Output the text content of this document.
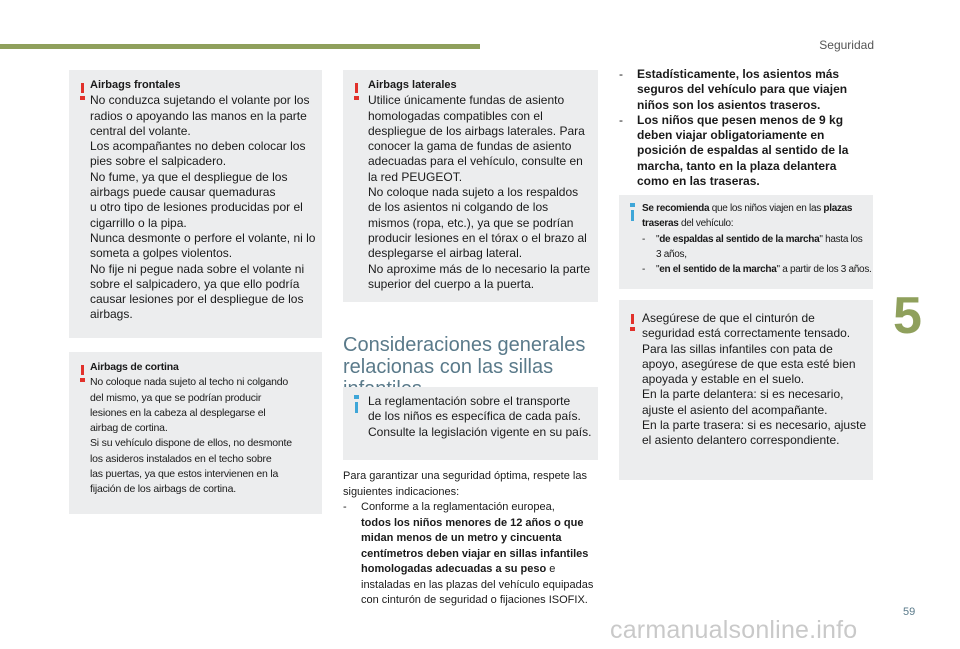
Seguridad
5
59
carmanualsonline.info
Airbags frontales
No conduzca sujetando el volante por los
radios o apoyando las manos en la parte
central del volante.
Los acompañantes no deben colocar los
pies sobre el salpicadero.
No fume, ya que el despliegue de los
airbags puede causar quemaduras
u otro tipo de lesiones producidas por el
cigarrillo o la pipa.
Nunca desmonte o perfore el volante, ni lo
someta a golpes violentos.
No fije ni pegue nada sobre el volante ni
sobre el salpicadero, ya que ello podría
causar lesiones por el despliegue de los
airbags.
Airbags de cortina
No coloque nada sujeto al techo ni colgando
del mismo, ya que se podrían producir
lesiones en la cabeza al desplegarse el
airbag de cortina.
Si su vehículo dispone de ellos, no desmonte
los asideros instalados en el techo sobre
las puertas, ya que estos intervienen en la
fijación de los airbags de cortina.
Airbags laterales
Utilice únicamente fundas de asiento
homologadas compatibles con el
despliegue de los airbags laterales. Para
conocer la gama de fundas de asiento
adecuadas para el vehículo, consulte en
la red PEUGEOT.
No coloque nada sujeto a los respaldos
de los asientos ni colgando de los
mismos (ropa, etc.), ya que se podrían
producir lesiones en el tórax o el brazo al
desplegarse el airbag lateral.
No aproxime más de lo necesario la parte
superior del cuerpo a la puerta.
Consideraciones generales
relacionas con las sillas
La reglamentación sobre el transporte
de los niños es específica de cada país.
Consulte la legislación vigente en su país.
Para garantizar una seguridad óptima, respete las
siguientes indicaciones:
- Conforme a la reglamentación europea,
todos los niños menores de 12 años o que
midan menos de un metro y cincuenta
centímetros deben viajar en sillas infantiles
homologadas adecuadas a su peso e
instaladas en las plazas del vehículo equipadas
con cinturón de seguridad o fijaciones ISOFIX.
- Estadísticamente, los asientos más
seguros del vehículo para que viajen
niños son los asientos traseros.
- Los niños que pesen menos de 9 kg
deben viajar obligatoriamente en
posición de espaldas al sentido de la
marcha, tanto en la plaza delantera
como en las traseras.
Se recomienda que los niños viajen en las plazas
traseras del vehículo:
- "de espaldas al sentido de la marcha" hasta los
3 años,
- "en el sentido de la marcha" a partir de los 3 años.
Asegúrese de que el cinturón de
seguridad está correctamente tensado.
Para las sillas infantiles con pata de
apoyo, asegúrese de que esta esté bien
apoyada y estable en el suelo.
En la parte delantera: si es necesario,
ajuste el asiento del acompañante.
En la parte trasera: si es necesario, ajuste
el asiento delantero correspondiente.
